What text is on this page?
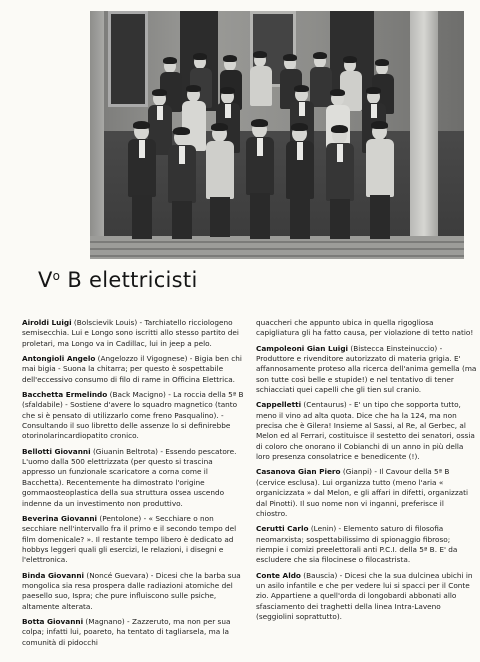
$V^o$ B elettricisti

Airoldi Luigi (Bolscievik Louis) - Tarchiatello ricciologeno semisecchia. Lui e Longo sono iscritti allo stesso partito dei proletari, ma Longo va in Cadillac, lui in jeep a pelo.

Antongioli Angelo (Angelozzo il Vigognese) - Bigia ben chi mai bigia - Suona la chitarra; per questo è sospettabile dell'eccessivo consumo di filo di rame in Officina Elettrica.

Bacchetta Ermelindo (Back Macigno) - La roccia della 5ª B (sfaldabile) - Sostiene d'avere lo squadro magnetico (tanto che si è pensato di utilizzarlo come freno Pasqualino). - Consultando il suo libretto delle assenze lo si definirebbe otorinolarincardiopatito cronico.

Bellotti Giovanni (Giuanin Beltrota) - Essendo pescatore.

L'uomo dalla 500 elettrizzata (per questo si trascina appresso un funzionale scaricatore a corna come il Bacchetta). Recentemente ha dimostrato l'origine gommaosteoplastica della sua struttura ossea uscendo indenne da un investimento non produttivo.

Beverina Giovanni (Pentolone) - « Secchiare o non secchiare nell'intervallo fra il primo e il secondo tempo del film domenicale? ». Il restante tempo libero è dedicato ad hobbys leggeri quali gli esercizi, le relazioni, i disegni e l'elettronica.

Binda Giovanni (Noncé Guevara) - Dicesi che la barba sua mongolica sia resa prospera dalle radiazioni atomiche del paesello suo, Ispra; che pure influiscono sulle psiche, altamente alterata.

Botta Giovanni (Magnano) - Zazzeruto, ma non per sua colpa; infatti lui, poareto, ha tentato di tagliarsela, ma la comunità di pidocchi

quaccheri che appunto ubica in quella rigogliosa capigliatura gli ha fatto causa, per violazione di tetto natio!

Campoleoni Gian Luigi (Bistecca Einsteinuccio) - Produttore e rivenditore autorizzato di materia grigia. E' affannosamente proteso alla ricerca dell'anima gemella (ma son tutte così belle e stupide!) e nel tentativo di tener schiacciati quei capelli che gli tien sul cranio.

Cappelletti (Centaurus) - E' un tipo che sopporta tutto, meno il vino ad alta quota. Dice che ha la 124, ma non precisa che è Gilera! Insieme al Sassi, al Re, al Gerbec, al Melon ed al Ferrari, costituisce il sestetto dei senatori, ossia di coloro che onorano il Cobianchi di un anno in più della loro presenza consolatrice e benedicente (!).

Casanova Gian Piero (Gianpi) - Il Cavour della 5ª B (cervice esclusa). Lui organizza tutto (meno l'aria « organicizzata » dal Melon, e gli affari in difetti, organizzati dal Pinotti). Il suo nome non vi inganni, preferisce il chiostro.

Cerutti Carlo (Lenin) - Elemento saturo di filosofia neomarxista; sospettabilissimo di spionaggio fibroso; riempie i comizi preelettorali anti P.C.I. della 5ª B. E' da escludere che sia filocinese o filocastrista.

Conte Aldo (Bauscia) - Dicesi che la sua dulcinea ubichi in un asilo infantile e che per vedere lui si spacci per il Conte zio. Appartiene a quell'orda di longobardi abbonati allo sfasciamento dei traghetti della linea Intra-Laveno (seggiolini soprattutto).
